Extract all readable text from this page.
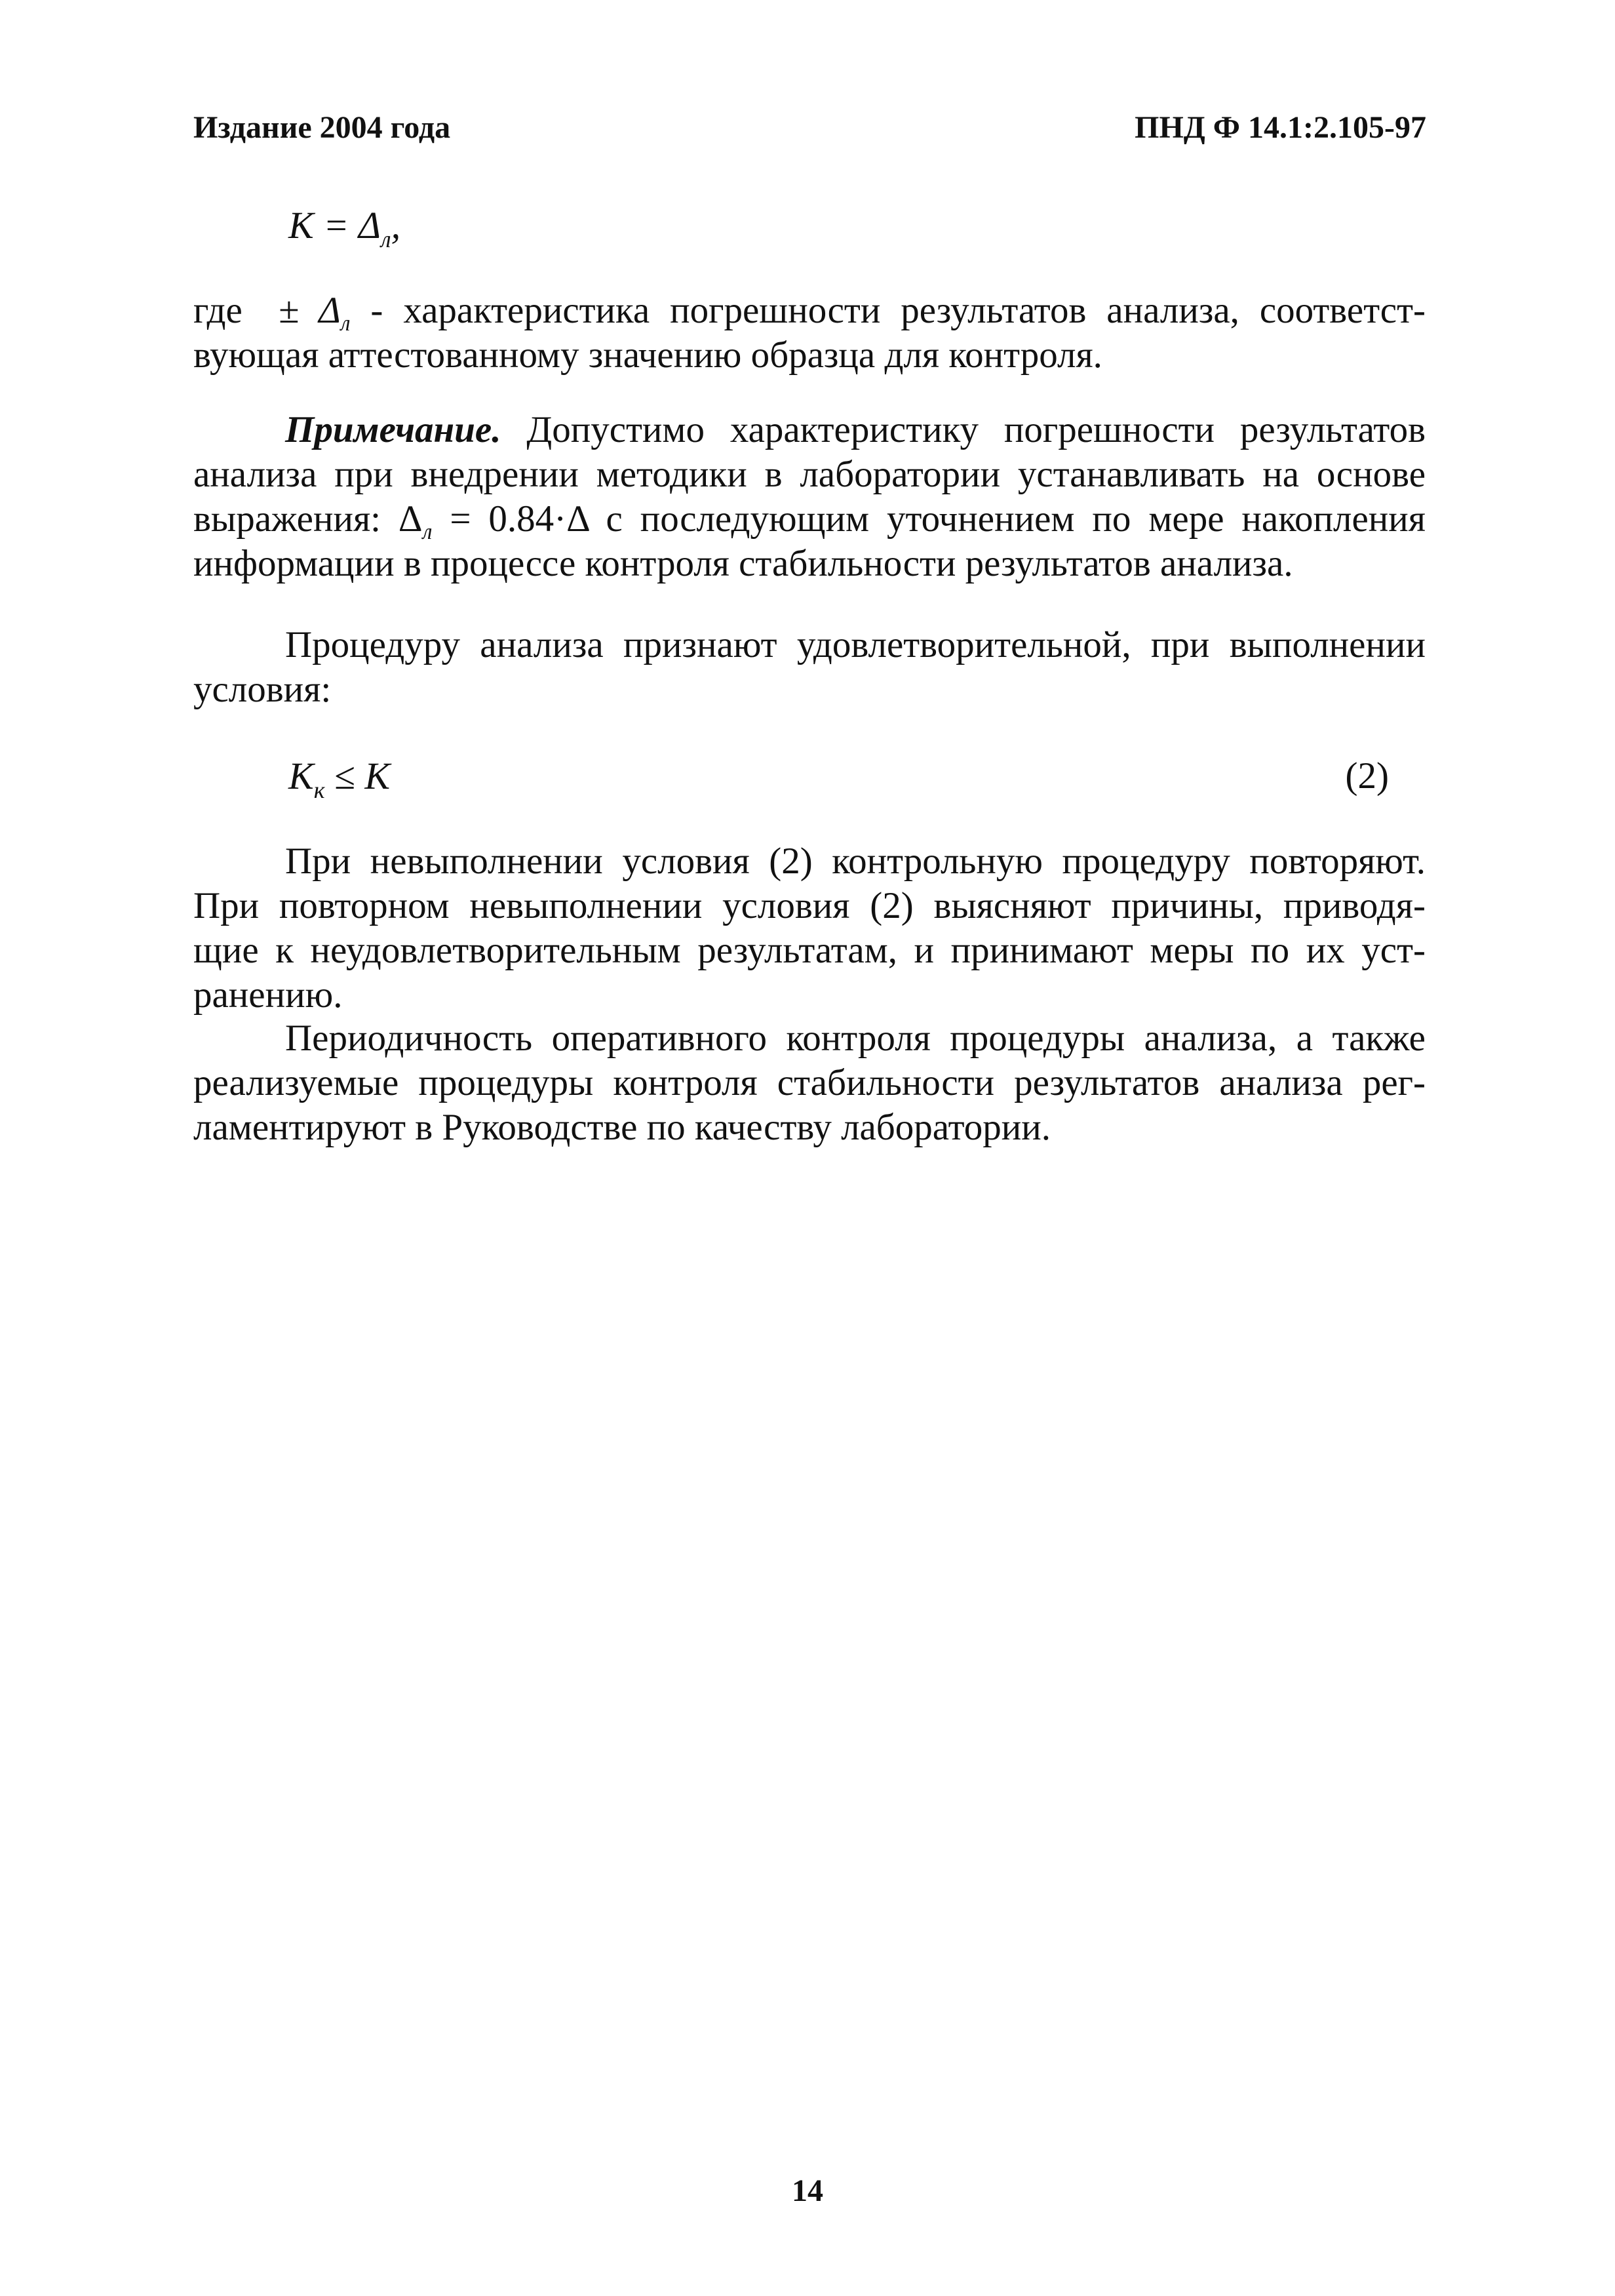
Издание 2004 года	ПНД Ф 14.1:2.105-97
$K = \Delta_л$,
где ± $\Delta_л$ - характеристика погрешности результатов анализа, соответст-
вующая аттестованному значению образца для контроля.
Примечание. Допустимо характеристику погрешности результатов
анализа при внедрении методики в лаборатории устанавливать на основе
выражения: $\Delta_л = 0.84\cdot\Delta$ с последующим уточнением по мере накопления
информации в процессе контроля стабильности результатов анализа.
Процедуру анализа признают удовлетворительной, при выполнении
условия:
$K_к \le K$	(2)
При невыполнении условия (2) контрольную процедуру повторяют.
При повторном невыполнении условия (2) выясняют причины, приводя-
щие к неудовлетворительным результатам, и принимают меры по их уст-
ранению.
Периодичность оперативного контроля процедуры анализа, а также
реализуемые процедуры контроля стабильности результатов анализа рег-
ламентируют в Руководстве по качеству лаборатории.
14
